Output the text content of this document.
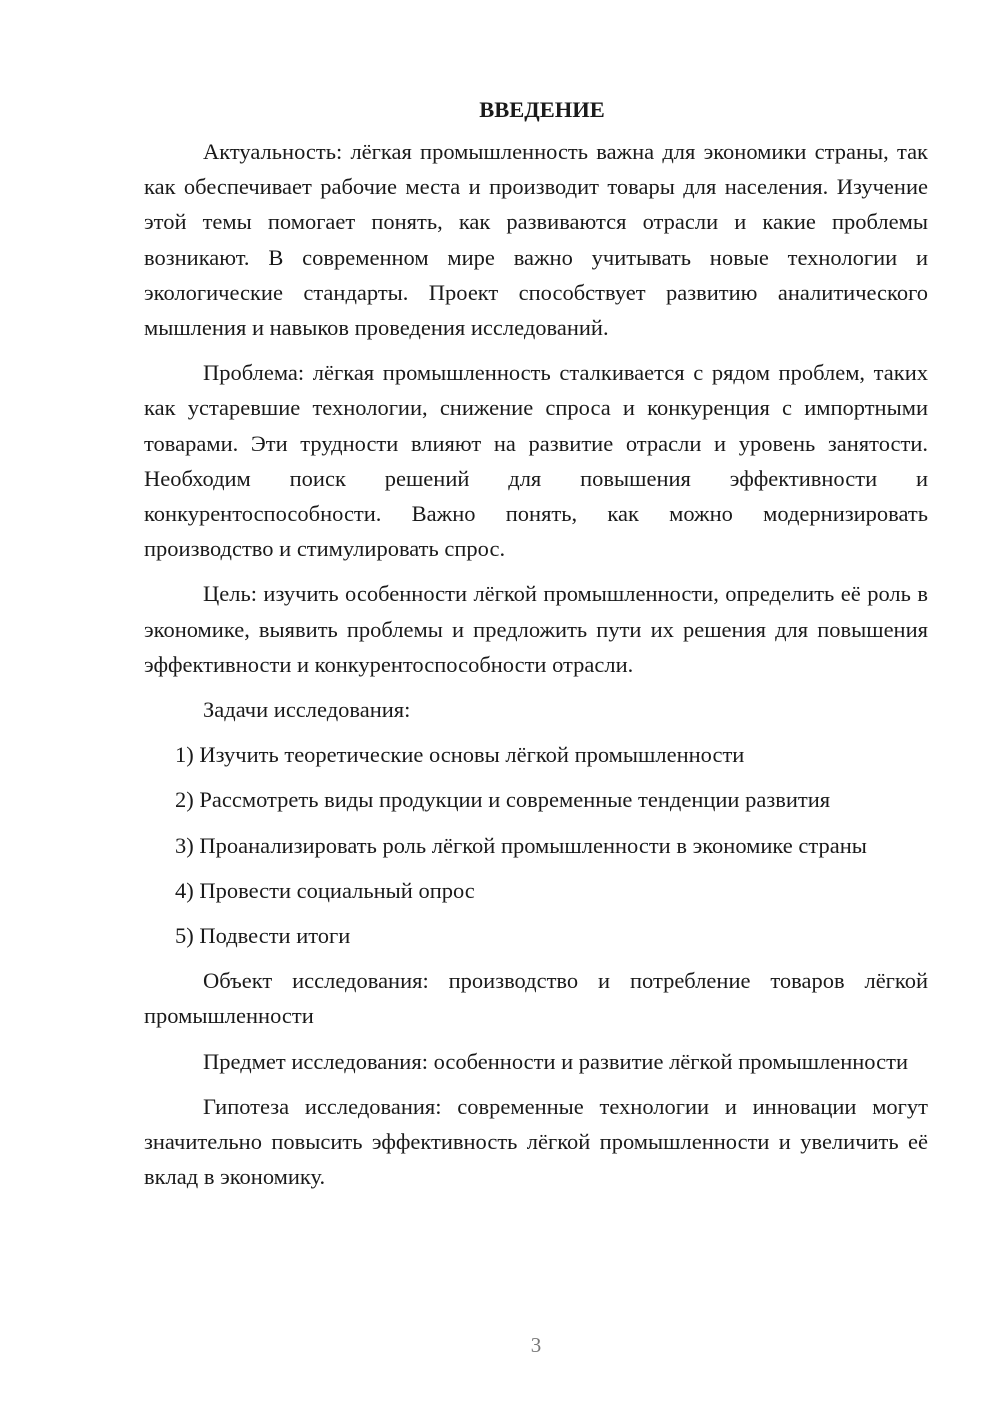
ВВЕДЕНИЕ

Актуальность: лёгкая промышленность важна для экономики страны, так как обеспечивает рабочие места и производит товары для населения. Изучение этой темы помогает понять, как развиваются отрасли и какие проблемы возникают. В современном мире важно учитывать новые технологии и экологические стандарты. Проект способствует развитию аналитического мышления и навыков проведения исследований.

Проблема: лёгкая промышленность сталкивается с рядом проблем, таких как устаревшие технологии, снижение спроса и конкуренция с импортными товарами. Эти трудности влияют на развитие отрасли и уровень занятости. Необходим поиск решений для повышения эффективности и конкурентоспособности. Важно понять, как можно модернизировать производство и стимулировать спрос.

Цель: изучить особенности лёгкой промышленности, определить её роль в экономике, выявить проблемы и предложить пути их решения для повышения эффективности и конкурентоспособности отрасли.

Задачи исследования:

1) Изучить теоретические основы лёгкой промышленности

2) Рассмотреть виды продукции и современные тенденции развития

3) Проанализировать роль лёгкой промышленности в экономике страны

4) Провести социальный опрос

5) Подвести итоги

Объект исследования: производство и потребление товаров лёгкой промышленности

Предмет исследования: особенности и развитие лёгкой промышленности

Гипотеза исследования: современные технологии и инновации могут значительно повысить эффективность лёгкой промышленности и увеличить её вклад в экономику.

3
